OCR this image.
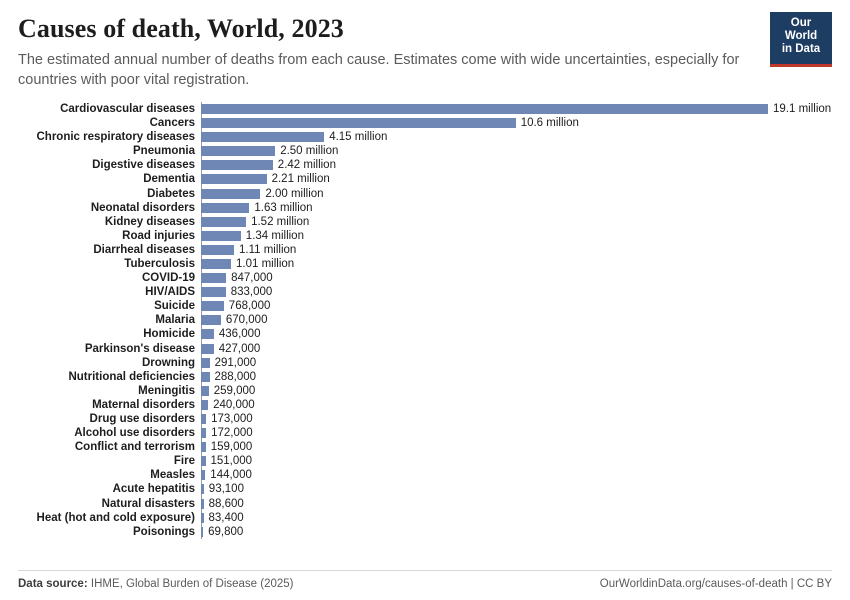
Our World
in Data
Causes of death, World, 2023

The estimated annual number of deaths from each cause. Estimates come with wide uncertainties, especially for countries with poor vital registration.

Cardiovascular diseases	19.1 million
Cancers	10.6 million
Chronic respiratory diseases	4.15 million
Pneumonia	2.50 million
Digestive diseases	2.42 million
Dementia	2.21 million
Diabetes	2.00 million
Neonatal disorders	1.63 million
Kidney diseases	1.52 million
Road injuries	1.34 million
Diarrheal diseases	1.11 million
Tuberculosis	1.01 million
COVID-19	847,000
HIV/AIDS	833,000
Suicide	768,000
Malaria	670,000
Homicide	436,000
Parkinson's disease	427,000
Drowning	291,000
Nutritional deficiencies	288,000
Meningitis	259,000
Maternal disorders	240,000
Drug use disorders	173,000
Alcohol use disorders	172,000
Conflict and terrorism	159,000
Fire	151,000
Measles	144,000
Acute hepatitis	93,100
Natural disasters	88,600
Heat (hot and cold exposure)	83,400
Poisonings	69,800
Data source: IHME, Global Burden of Disease (2025)	OurWorldinData.org/causes-of-death | CC BY
